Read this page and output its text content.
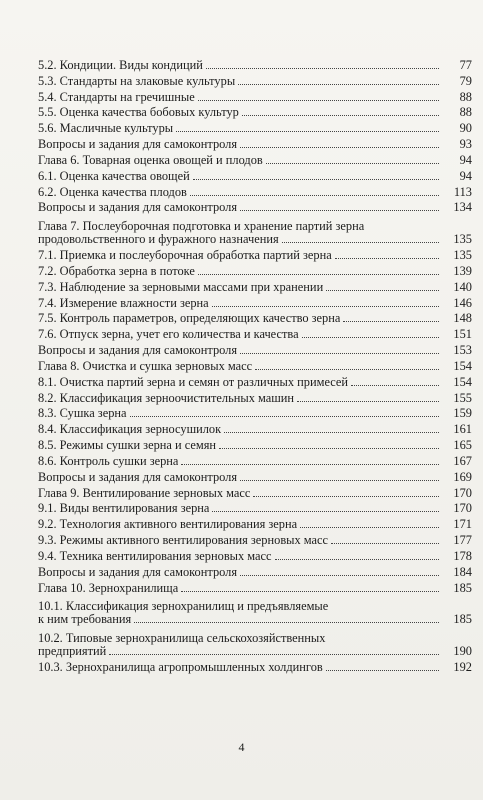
5.2. Кондиции. Виды кондиций	77
5.3. Стандарты на злаковые культуры	79
5.4. Стандарты на гречишные	88
5.5. Оценка качества бобовых культур	88
5.6. Масличные культуры	90
Вопросы и задания для самоконтроля	93
Глава 6. Товарная оценка овощей и плодов	94
6.1. Оценка качества овощей	94
6.2. Оценка качества плодов	113
Вопросы и задания для самоконтроля	134
Глава 7. Послеуборочная подготовка и хранение партий зерна
продовольственного и фуражного назначения	135
7.1. Приемка и послеуборочная обработка партий зерна	135
7.2. Обработка зерна в потоке	139
7.3. Наблюдение за зерновыми массами при хранении	140
7.4. Измерение влажности зерна	146
7.5. Контроль параметров, определяющих качество зерна	148
7.6. Отпуск зерна, учет его количества и качества	151
Вопросы и задания для самоконтроля	153
Глава 8. Очистка и сушка зерновых масс	154
8.1. Очистка партий зерна и семян от различных примесей	154
8.2. Классификация зерноочистительных машин	155
8.3. Сушка зерна	159
8.4. Классификация зерносушилок	161
8.5. Режимы сушки зерна и семян	165
8.6. Контроль сушки зерна	167
Вопросы и задания для самоконтроля	169
Глава 9. Вентилирование зерновых масс	170
9.1. Виды вентилирования зерна	170
9.2. Технология активного вентилирования зерна	171
9.3. Режимы активного вентилирования зерновых масс	177
9.4. Техника вентилирования зерновых масс	178
Вопросы и задания для самоконтроля	184
Глава 10. Зернохранилища	185
10.1. Классификация зернохранилищ и предъявляемые
к ним требования	185
10.2. Типовые зернохранилища сельскохозяйственных
предприятий	190
10.3. Зернохранилища агропромышленных холдингов	192
4
